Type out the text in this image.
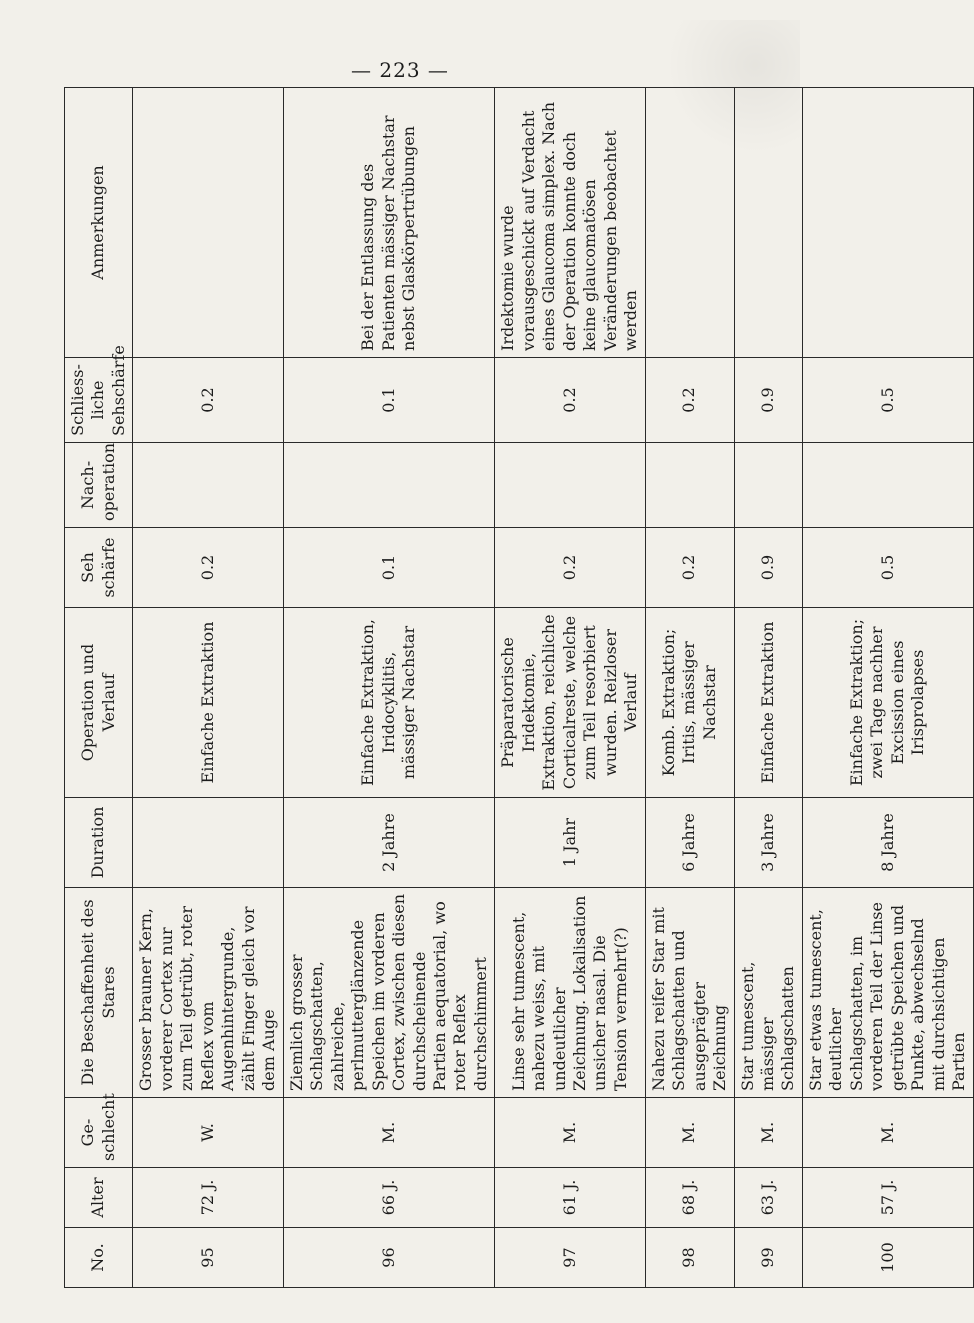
— 223 —
No.	Alter	Ge-schlecht	Die Beschaffenheit des Stares	Duration	Operation und Verlauf	Seh schärfe	Nach-operation	Schliess-liche Sehschärfe	Anmerkungen
95	72 J.	W.	Grosser brauner Kern, vorderer Cortex nur zum Teil getrübt, roter Reflex vom Augenhintergrunde, zählt Finger gleich vor dem Auge		Einfache Extraktion	0.2		0.2	
96	66 J.	M.	Ziemlich grosser Schlagschatten, zahlreiche, perlmutterglänzende Speichen im vorderen Cortex, zwischen diesen durchscheinende Partien aequatorial, wo roter Reflex durchschimmert	2 Jahre	Einfache Extraktion, Iridocyklitis, mässiger Nachstar	0.1		0.1	Bei der Entlassung des Patienten mässiger Nachstar nebst Glaskörpertrübungen
97	61 J.	M.	Linse sehr tumescent, nahezu weiss, mit undeutlicher Zeichnung. Lokalisation unsicher nasal. Die Tension vermehrt(?)	1 Jahr	Präparatorische Iridektomie, Extraktion, reichliche Corticalreste, welche zum Teil resorbiert wurden. Reizloser Verlauf	0.2		0.2	Irdektomie wurde vorausgeschickt auf Verdacht eines Glaucoma simplex. Nach der Operation konnte doch keine glaucomatösen Veränderungen beobachtet werden
98	68 J.	M.	Nahezu reifer Star mit Schlagschatten und ausgeprägter Zeichnung	6 Jahre	Komb. Extraktion; Iritis, mässiger Nachstar	0.2		0.2	
99	63 J.	M.	Star tumescent, mässiger Schlagschatten	3 Jahre	Einfache Extraktion	0.9		0.9	
100	57 J.	M.	Star etwas tumescent, deutlicher Schlagschatten, im vorderen Teil der Linse getrübte Speichen und Punkte, abwechselnd mit durchsichtigen Partien	8 Jahre	Einfache Extraktion; zwei Tage nachher Excission eines Irisprolapses	0.5		0.5	
